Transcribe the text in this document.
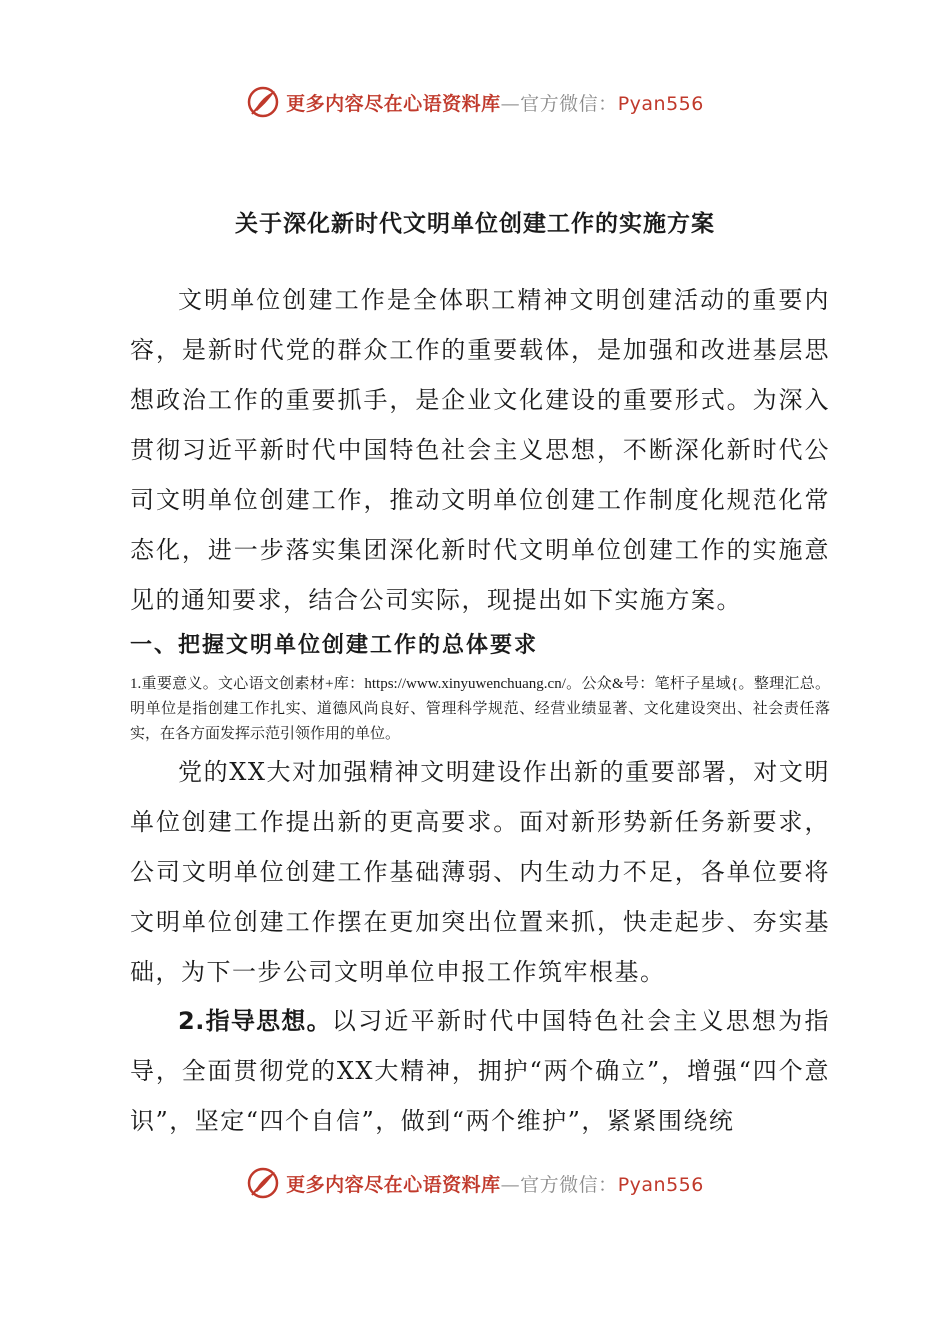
更多内容尽在心语资料库—官方微信：Pyan556
关于深化新时代文明单位创建工作的实施方案
文明单位创建工作是全体职工精神文明创建活动的重要内容，是新时代党的群众工作的重要载体，是加强和改进基层思想政治工作的重要抓手，是企业文化建设的重要形式。为深入贯彻习近平新时代中国特色社会主义思想，不断深化新时代公司文明单位创建工作，推动文明单位创建工作制度化规范化常态化，进一步落实集团深化新时代文明单位创建工作的实施意见的通知要求，结合公司实际，现提出如下实施方案。
一、把握文明单位创建工作的总体要求
1.重要意义。文心语文创素材+库：https://www.xinyuwenchuang.cn/。公众&号：笔杆子星域{。整理汇总。明单位是指创建工作扎实、道德风尚良好、管理科学规范、经营业绩显著、文化建设突出、社会责任落实，在各方面发挥示范引领作用的单位。
党的XX大对加强精神文明建设作出新的重要部署，对文明单位创建工作提出新的更高要求。面对新形势新任务新要求，公司文明单位创建工作基础薄弱、内生动力不足，各单位要将文明单位创建工作摆在更加突出位置来抓，快走起步、夯实基础，为下一步公司文明单位申报工作筑牢根基。
2.指导思想。以习近平新时代中国特色社会主义思想为指导，全面贯彻党的XX大精神，拥护“两个确立”，增强“四个意识”，坚定“四个自信”，做到“两个维护”，紧紧围绕统
更多内容尽在心语资料库—官方微信：Pyan556
